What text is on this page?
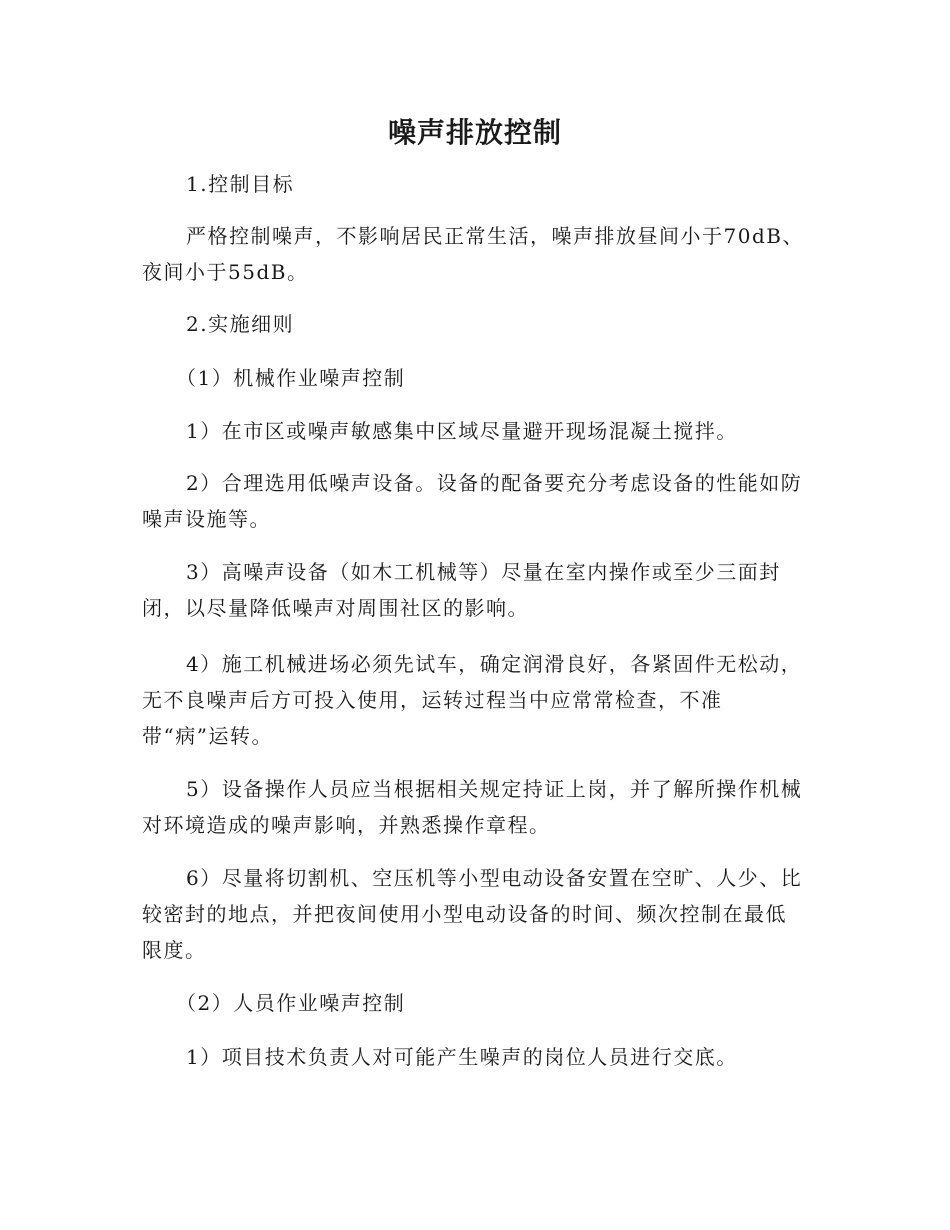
噪声排放控制

1.控制目标

严格控制噪声，不影响居民正常生活，噪声排放昼间小于70dB、
夜间小于55dB。

2.实施细则

（1）机械作业噪声控制

1）在市区或噪声敏感集中区域尽量避开现场混凝土搅拌。

2）合理选用低噪声设备。设备的配备要充分考虑设备的性能如防
噪声设施等。

3）高噪声设备（如木工机械等）尽量在室内操作或至少三面封
闭，以尽量降低噪声对周围社区的影响。

4）施工机械进场必须先试车，确定润滑良好，各紧固件无松动，
无不良噪声后方可投入使用，运转过程当中应常常检查，不准
带“病”运转。

5）设备操作人员应当根据相关规定持证上岗，并了解所操作机械
对环境造成的噪声影响，并熟悉操作章程。

6）尽量将切割机、空压机等小型电动设备安置在空旷、人少、比
较密封的地点，并把夜间使用小型电动设备的时间、频次控制在最低
限度。

（2）人员作业噪声控制

1）项目技术负责人对可能产生噪声的岗位人员进行交底。
